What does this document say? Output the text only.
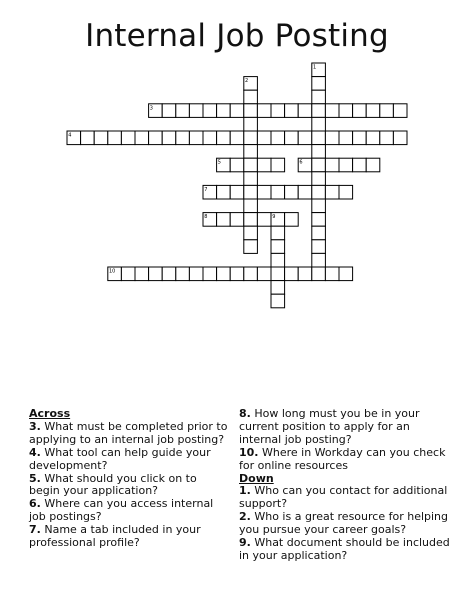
Internal Job Posting
1
2
3
4
5	6
7
8	9
10

Across

3. What must be completed prior to applying to an internal job posting?

4. What tool can help guide your development?

5. What should you click on to begin your application?

6. Where can you access internal job postings?

7. Name a tab included in your professional profile?

8. How long must you be in your current position to apply for an internal job posting?

10. Where in Workday can you check for online resources

Down

1. Who can you contact for additional support?

2. Who is a great resource for helping you pursue your career goals?

9. What document should be included in your application?
